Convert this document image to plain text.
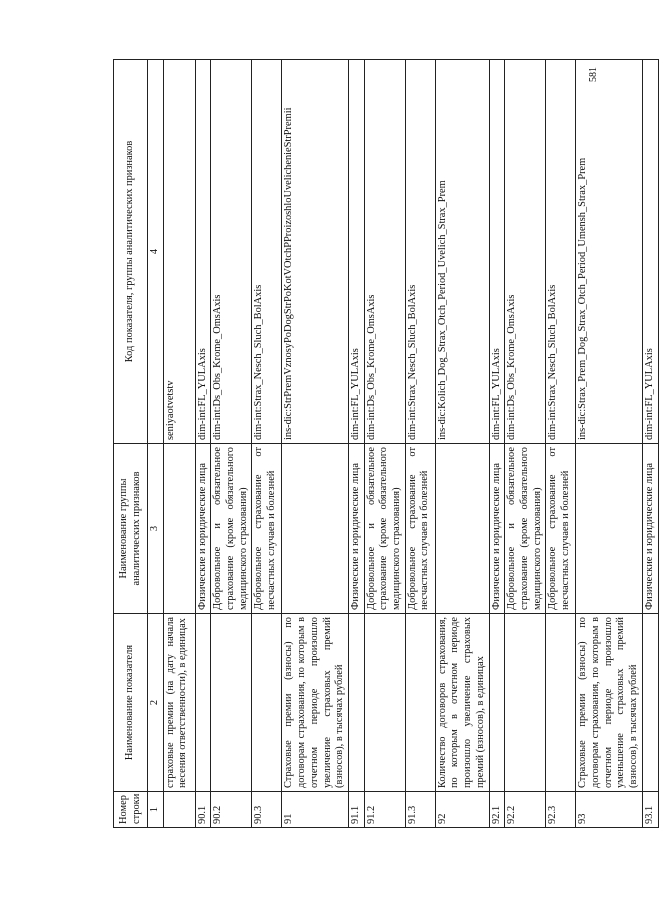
581
Номер строки	Наименование показателя	Наименование группы аналитических признаков	Код показателя, группы аналитических признаков
1	2	3	4
	страховые премии (на дату начала несения ответственности), в единицах		seniyaotvetstv
90.1		Физические и юридические лица	dim-int:FL_YULAxis
90.2		Добровольное и обязательное страхование (кроме обязательного медицинского страхования)	dim-int:Ds_Obs_Krome_OmsAxis
90.3		Добровольное страхование от несчастных случаев и болезней	dim-int:Strax_Nesch_Sluch_BolAxis
91	Страховые премии (взносы) по договорам страхования, по которым в отчетном периоде произошло увеличение страховых премий (взносов), в тысячах рублей		ins-dic:StrPremVznosyPoDogStrPoKotVOtchPProizoshloUvelichenieStrPremii
91.1		Физические и юридические лица	dim-int:FL_YULAxis
91.2		Добровольное и обязательное страхование (кроме обязательного медицинского страхования)	dim-int:Ds_Obs_Krome_OmsAxis
91.3		Добровольное страхование от несчастных случаев и болезней	dim-int:Strax_Nesch_Sluch_BolAxis
92	Количество договоров страхования, по которым в отчетном периоде произошло увеличение страховых премий (взносов), в единицах		ins-dic:Kolich_Dog_Strax_Otch_Period_Uvelich_Strax_Prem
92.1		Физические и юридические лица	dim-int:FL_YULAxis
92.2		Добровольное и обязательное страхование (кроме обязательного медицинского страхования)	dim-int:Ds_Obs_Krome_OmsAxis
92.3		Добровольное страхование от несчастных случаев и болезней	dim-int:Strax_Nesch_Sluch_BolAxis
93	Страховые премии (взносы) по договорам страхования, по которым в отчетном периоде произошло уменьшение страховых премий (взносов), в тысячах рублей		ins-dic:Strax_Prem_Dog_Strax_Otch_Period_Umensh_Strax_Prem
93.1		Физические и юридические лица	dim-int:FL_YULAxis
